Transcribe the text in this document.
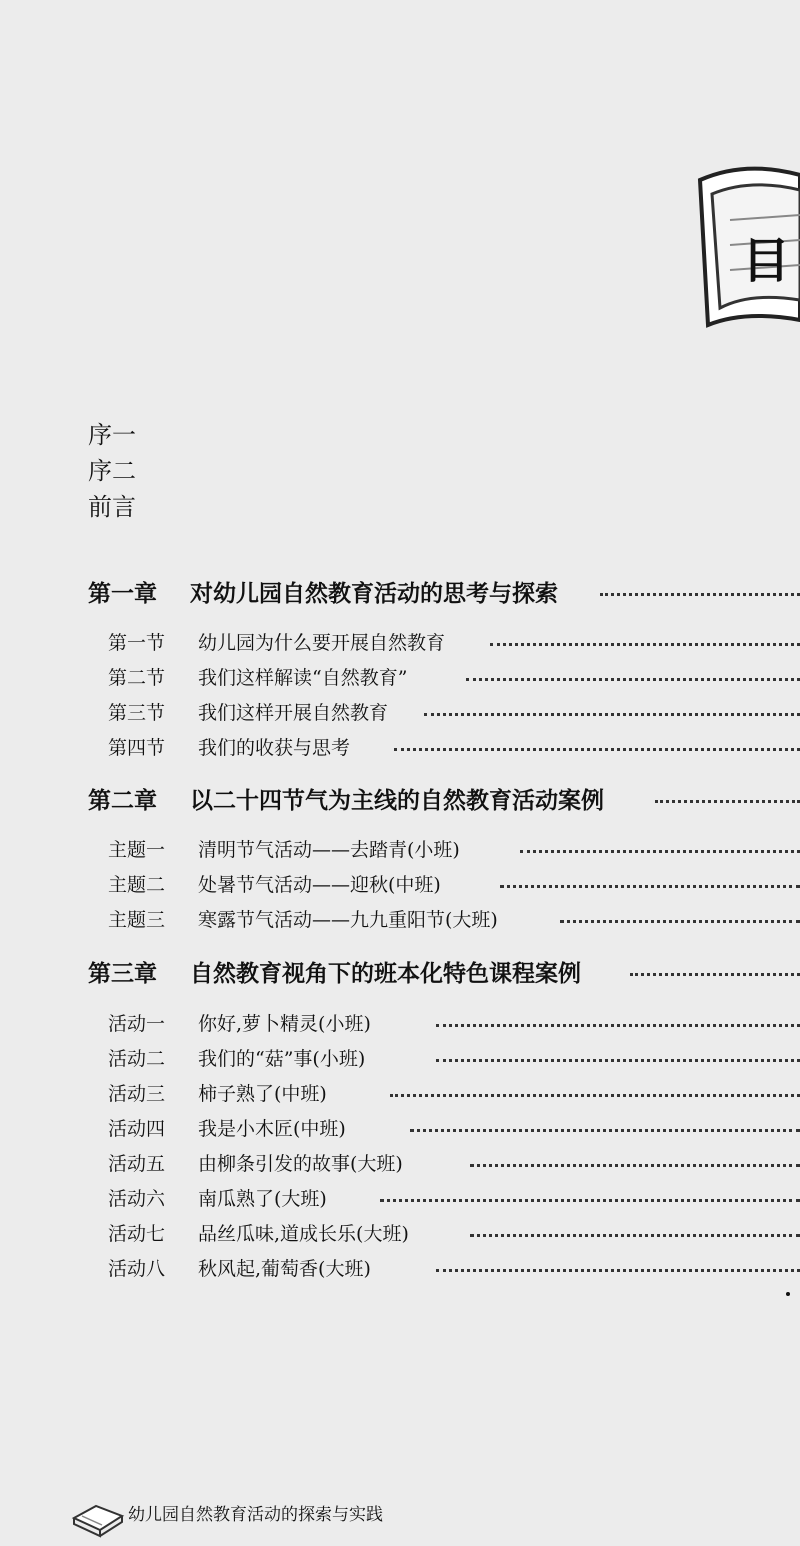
目
序一
序二
前言
第一章 对幼儿园自然教育活动的思考与探索
第一节 幼儿园为什么要开展自然教育
第二节 我们这样解读“自然教育”
第三节 我们这样开展自然教育
第四节 我们的收获与思考
第二章 以二十四节气为主线的自然教育活动案例
主题一 清明节气活动——去踏青(小班)
主题二 处暑节气活动——迎秋(中班)
主题三 寒露节气活动——九九重阳节(大班)
第三章 自然教育视角下的班本化特色课程案例
活动一 你好,萝卜精灵(小班)
活动二 我们的“菇”事(小班)
活动三 柿子熟了(中班)
活动四 我是小木匠(中班)
活动五 由柳条引发的故事(大班)
活动六 南瓜熟了(大班)
活动七 品丝瓜味,道成长乐(大班)
活动八 秋风起,葡萄香(大班)
幼儿园自然教育活动的探索与实践
